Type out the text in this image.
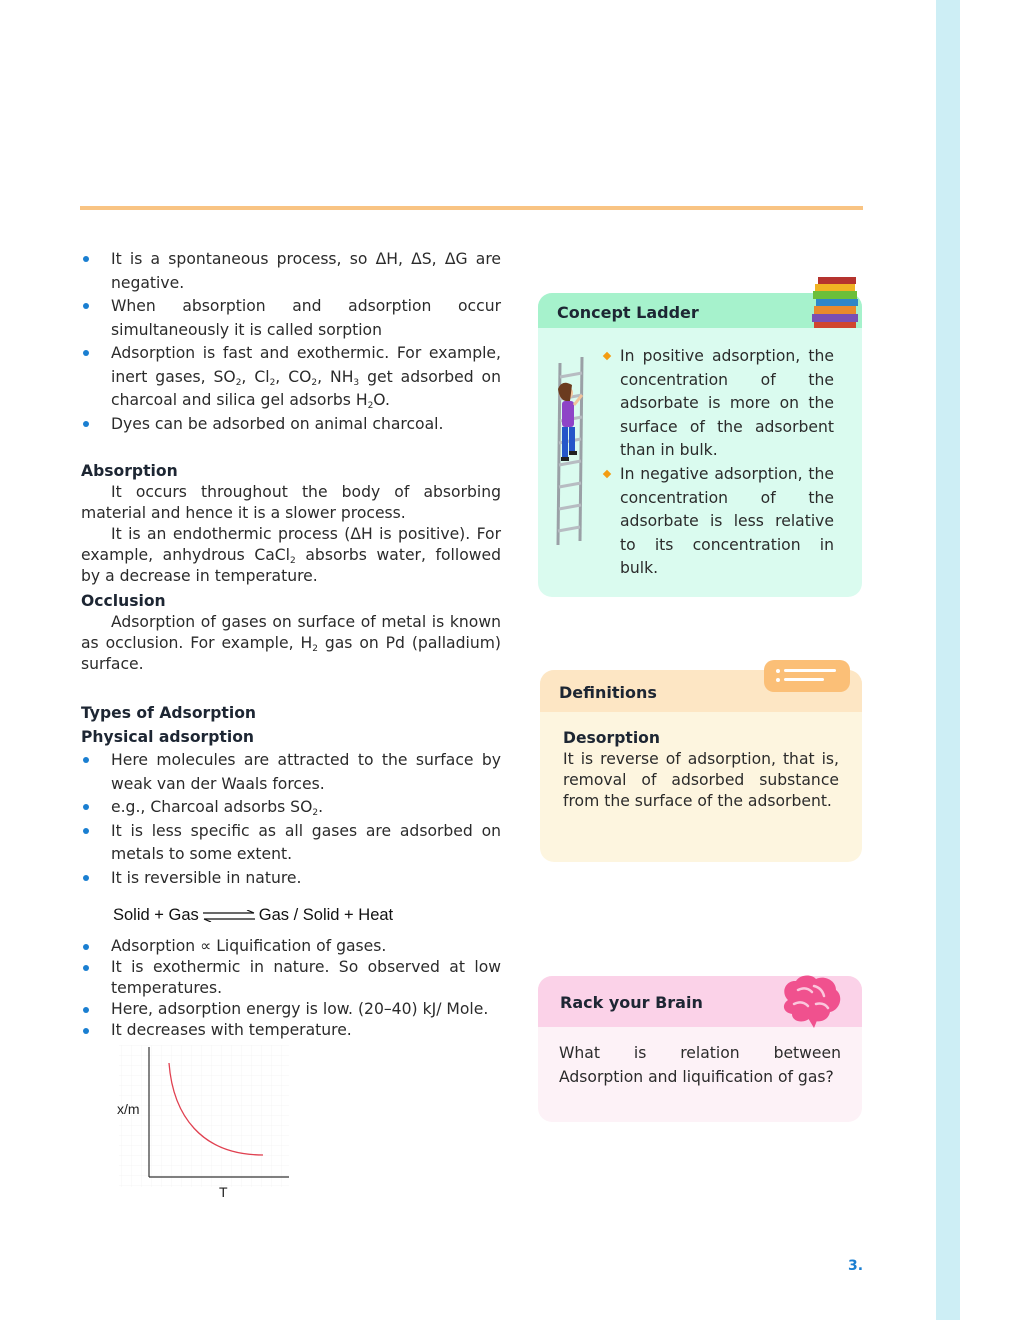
It is a spontaneous process, so ΔH, ΔS, ΔG are negative.
When absorption and adsorption occur simultaneously it is called sorption
Adsorption is fast and exothermic. For example, inert gases, $SO_2$, $Cl_2$, $CO_2$, $NH_3$ get adsorbed on charcoal and silica gel adsorbs $H_2O$.
Dyes can be adsorbed on animal charcoal.
Absorption

It occurs throughout the body of absorbing material and hence it is a slower process.

It is an endothermic process (ΔH is positive). For example, anhydrous CaCl$_2$ absorbs water, followed by a decrease in temperature.

Occlusion

Adsorption of gases on surface of metal is known as occlusion. For example, $H_2$ gas on Pd (palladium) surface.

Types of Adsorption
Physical adsorption
Here molecules are attracted to the surface by weak van der Waals forces.
e.g., Charcoal adsorbs $SO_2$.
It is less specific as all gases are adsorbed on metals to some extent.
It is reversible in nature.
Solid + Gas ⇌ Gas / Solid + Heat
Adsorption ∝ Liquification of gases.
It is exothermic in nature. So observed at low temperatures.
Here, adsorption energy is low. (20–40) kJ/ Mole.
It decreases with temperature.
x/m
T
Concept Ladder
In positive adsorption, the concentration of the adsorbate is more on the surface of the adsorbent than in bulk.
In negative adsorption, the concentration of the adsorbate is less relative to its concentration in bulk.
Definitions
Desorption
It is reverse of adsorption, that is, removal of adsorbed substance from the surface of the adsorbent.
Rack your Brain
What is relation between Adsorption and liquification of gas?
3.
